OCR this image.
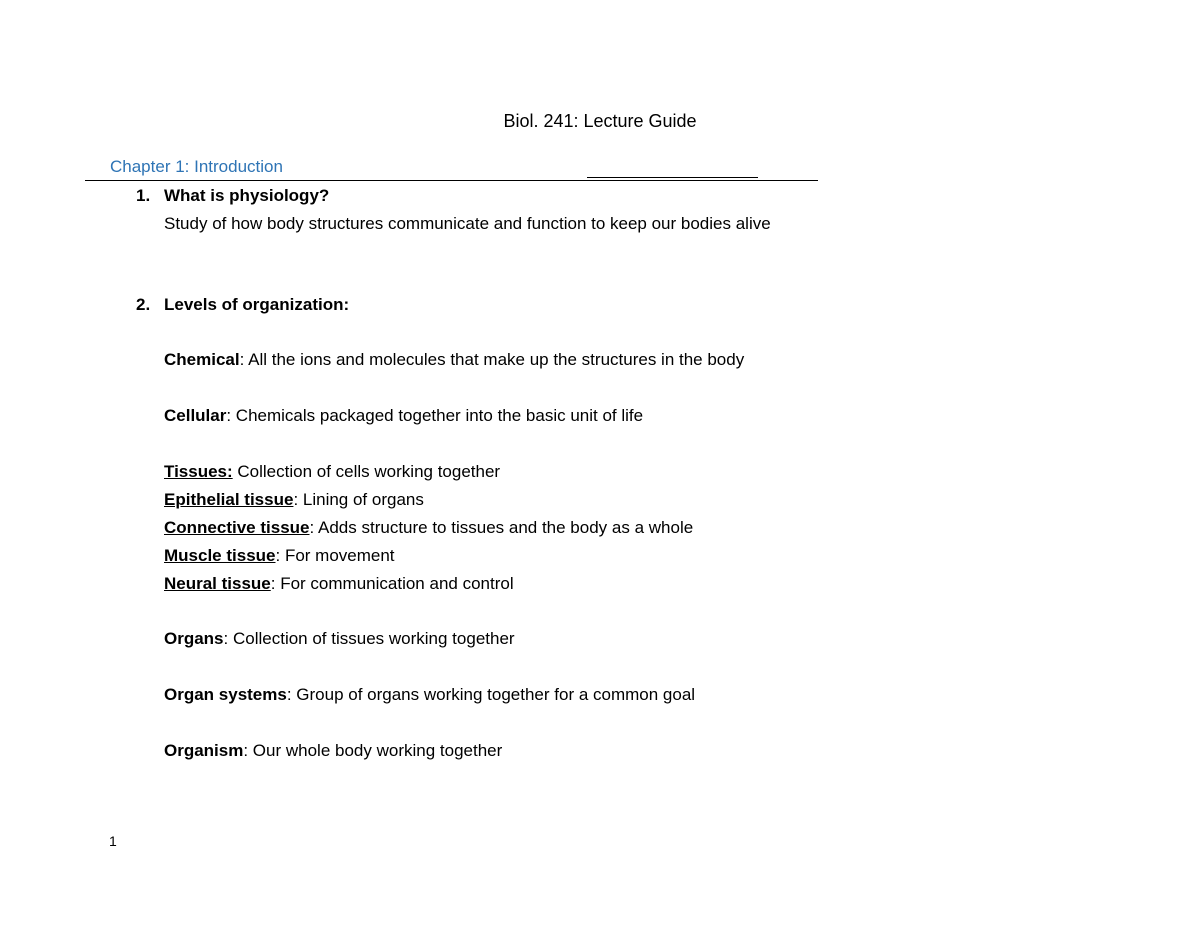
Biol. 241: Lecture Guide
Chapter 1: Introduction
1. What is physiology?
Study of how body structures communicate and function to keep our bodies alive
2. Levels of organization:
Chemical: All the ions and molecules that make up the structures in the body
Cellular: Chemicals packaged together into the basic unit of life
Tissues: Collection of cells working together
Epithelial tissue: Lining of organs
Connective tissue: Adds structure to tissues and the body as a whole
Muscle tissue: For movement
Neural tissue: For communication and control
Organs: Collection of tissues working together
Organ systems: Group of organs working together for a common goal
Organism: Our whole body working together
1
